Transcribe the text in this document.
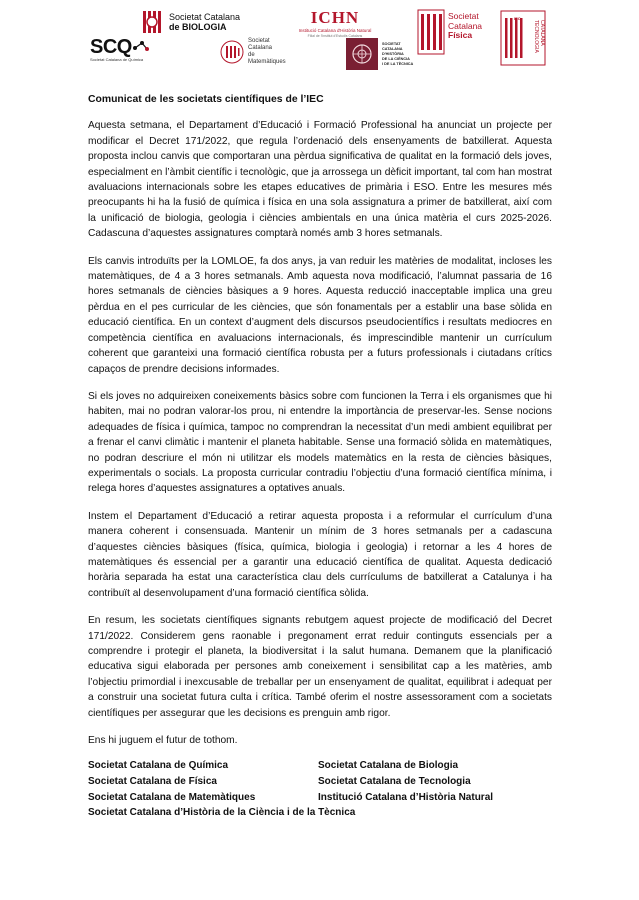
Societat Catalana
de BIOLOGIA	ICHN
Institució Catalana d'Història Natural
Filial de l'Institut d'Estudis Catalans
Societat
Catalana
Física
IEC
CATALANA TECNOLOGIA
SCQ
Societat Catalana de Química
Societat
Catalana
de
Matemàtiques
SOCIETAT
CATALANA
D'HISTÒRIA
DE LA CIÈNCIA
I DE LA TÈCNICA
Comunicat de les societats científiques de l’IEC

Aquesta setmana, el Departament d’Educació i Formació Professional ha anunciat un projecte per modificar el Decret 171/2022, que regula l’ordenació dels ensenyaments de batxillerat. Aquesta proposta inclou canvis que comportaran una pèrdua significativa de qualitat en la formació dels joves, especialment en l’àmbit científic i tecnològic, que ja arrossega un dèficit important, tal com han mostrat avaluacions internacionals sobre les etapes educatives de primària i ESO. Entre les mesures més preocupants hi ha la fusió de química i física en una sola assignatura a primer de batxillerat, així com la unificació de biologia, geologia i ciències ambientals en una única matèria el curs 2025-2026. Cadascuna d’aquestes assignatures comptarà només amb 3 hores setmanals.

Els canvis introduïts per la LOMLOE, fa dos anys, ja van reduir les matèries de modalitat, incloses les matemàtiques, de 4 a 3 hores setmanals. Amb aquesta nova modificació, l’alumnat passaria de 16 hores setmanals de ciències bàsiques a 9 hores. Aquesta reducció inacceptable implica una greu pèrdua en el pes curricular de les ciències, que són fonamentals per a establir una base sòlida en educació científica. En un context d’augment dels discursos pseudocientífics i resultats mediocres en competència científica en avaluacions internacionals, és imprescindible mantenir un currículum coherent que garanteixi una formació científica robusta per a futurs professionals i ciutadans crítics capaços de prendre decisions informades.

Si els joves no adquireixen coneixements bàsics sobre com funcionen la Terra i els organismes que hi habiten, mai no podran valorar-los prou, ni entendre la importància de preservar-les. Sense nocions adequades de física i química, tampoc no comprendran la necessitat d’un medi ambient equilibrat per a frenar el canvi climàtic i mantenir el planeta habitable. Sense una formació sòlida en matemàtiques, no podran descriure el món ni utilitzar els models matemàtics en la resta de ciències bàsiques, experimentals o socials. La proposta curricular contradiu l’objectiu d’una formació científica mínima, i relega hores d’aquestes assignatures a optatives anuals.

Instem el Departament d’Educació a retirar aquesta proposta i a reformular el currículum d’una manera coherent i consensuada. Mantenir un mínim de 3 hores setmanals per a cadascuna d’aquestes ciències bàsiques (física, química, biologia i geologia) i retornar a les 4 hores de matemàtiques és essencial per a garantir una educació científica de qualitat. Aquesta dedicació horària separada ha estat una característica clau dels currículums de batxillerat a Catalunya i ha contribuït al desenvolupament d’una formació científica sòlida.

En resum, les societats científiques signants rebutgem aquest projecte de modificació del Decret 171/2022. Considerem gens raonable i pregonament errat reduir continguts essencials per a comprendre i protegir el planeta, la biodiversitat i la salut humana. Demanem que la planificació educativa sigui elaborada per persones amb coneixement i sensibilitat cap a les matèries, amb l’objectiu primordial i inexcusable de treballar per un ensenyament de qualitat, equilibrat i adequat per a construir una societat futura culta i crítica. També oferim el nostre assessorament com a societats científiques per assegurar que les decisions es prenguin amb rigor.

Ens hi juguem el futur de tothom.

Societat Catalana de Química	Societat Catalana de Biologia
Societat Catalana de Física	Societat Catalana de Tecnologia
Societat Catalana de Matemàtiques	Institució Catalana d’Història Natural
Societat Catalana d’Història de la Ciència i de la Tècnica
